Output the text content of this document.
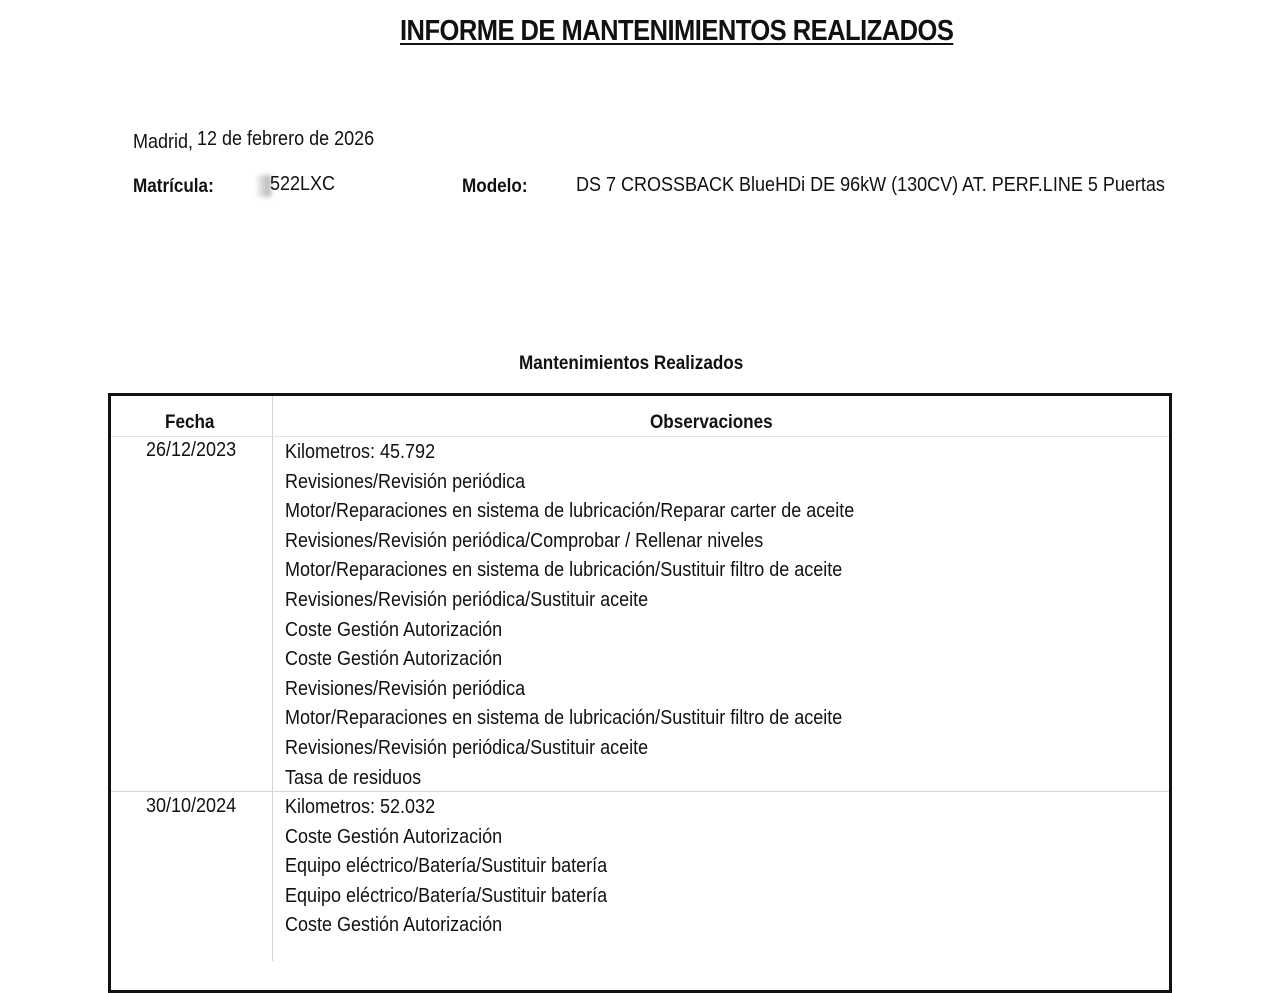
INFORME DE MANTENIMIENTOS REALIZADOS
Madrid, 12 de febrero de 2026
Matrícula:	522LXC	Modelo: DS 7 CROSSBACK BlueHDi DE 96kW (130CV) AT. PERF.LINE 5 Puertas
Mantenimientos Realizados
Fecha	Observaciones
26/12/2023 Kilometros: 45.792
Revisiones/Revisión periódica
Motor/Reparaciones en sistema de lubricación/Reparar carter de aceite
Revisiones/Revisión periódica/Comprobar / Rellenar niveles
Motor/Reparaciones en sistema de lubricación/Sustituir filtro de aceite
Revisiones/Revisión periódica/Sustituir aceite
Coste Gestión Autorización
Coste Gestión Autorización
Revisiones/Revisión periódica
Motor/Reparaciones en sistema de lubricación/Sustituir filtro de aceite
Revisiones/Revisión periódica/Sustituir aceite
Tasa de residuos
30/10/2024 Kilometros: 52.032
Coste Gestión Autorización
Equipo eléctrico/Batería/Sustituir batería
Equipo eléctrico/Batería/Sustituir batería
Coste Gestión Autorización
